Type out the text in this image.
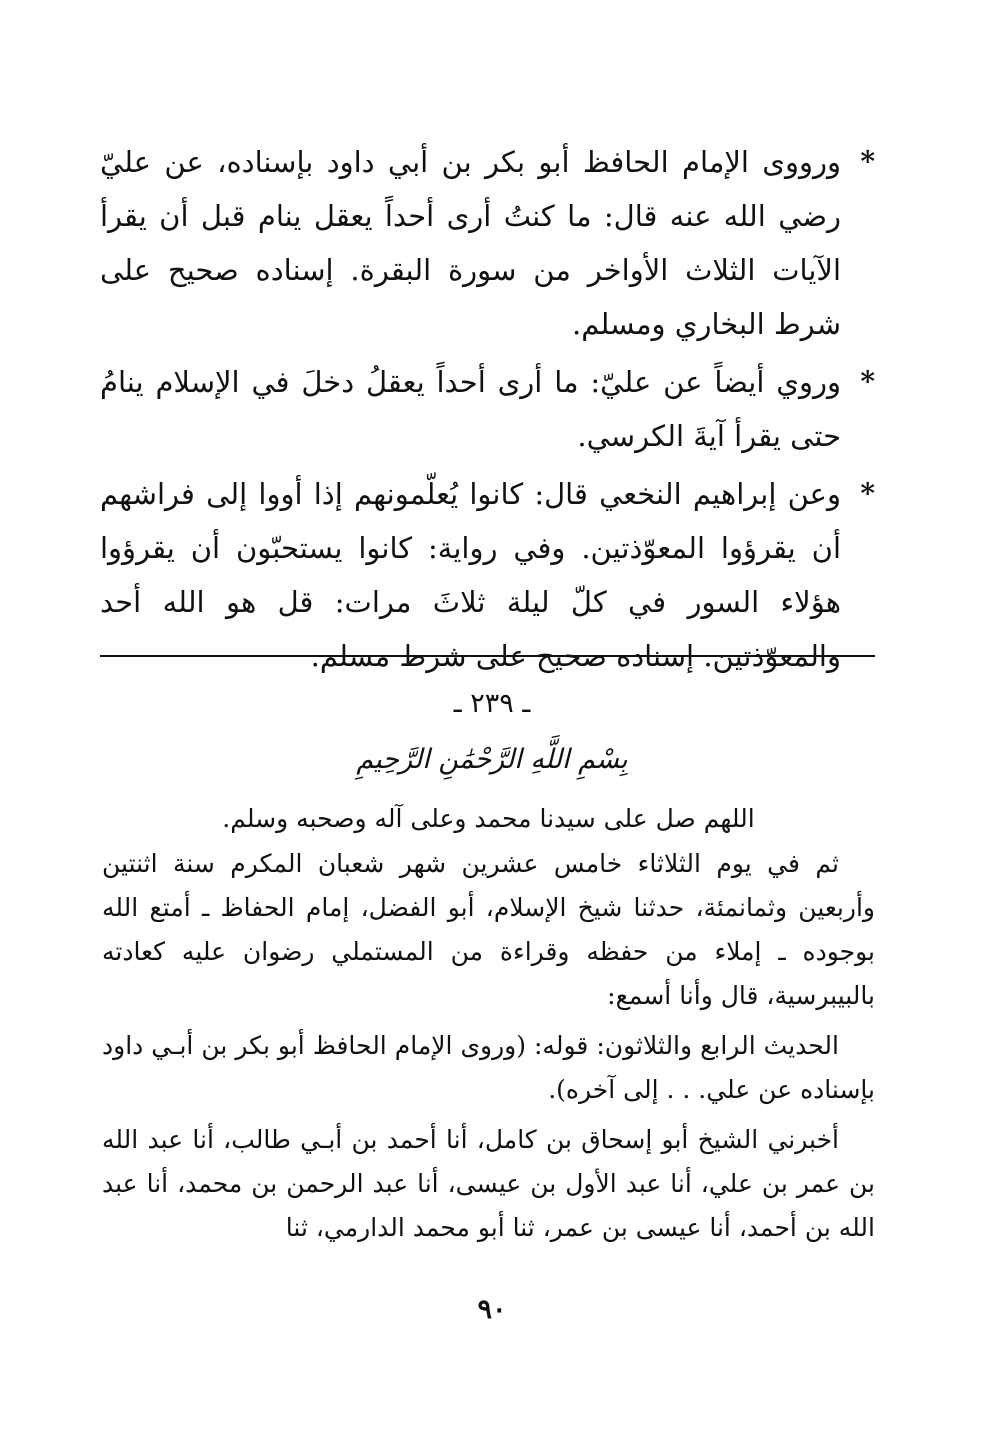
*
ورووى الإمام الحافظ أبو بكر بن أبي داود بإسناده، عن عليّ رضي الله عنه قال: ما كنتُ أرى أحداً يعقل ينام قبل أن يقرأ الآيات الثلاث الأواخر من سورة البقرة. إسناده صحيح على شرط البخاري ومسلم.

*
وروي أيضاً عن عليّ: ما أرى أحداً يعقلُ دخلَ في الإسلام ينامُ حتى يقرأ آيةَ الكرسي.

*
وعن إبراهيم النخعي قال: كانوا يُعلّمونهم إذا أووا إلى فراشهم أن يقرؤوا المعوّذتين. وفي رواية: كانوا يستحبّون أن يقرؤوا هؤلاء السور في كلّ ليلة ثلاثَ مرات: قل هو الله أحد والمعوّذتين. إسناده صحيح على شرط مسلم.

ـ ٢٣٩ ـ
بِسْمِ اللَّهِ الرَّحْمَٰنِ الرَّحِيمِ

اللهم صل على سيدنا محمد وعلى آله وصحبه وسلم.

ثم في يوم الثلاثاء خامس عشرين شهر شعبان المكرم سنة اثنتين وأربعين وثمانمئة، حدثنا شيخ الإسلام، أبو الفضل، إمام الحفاظ ـ أمتع الله بوجوده ـ إملاء من حفظه وقراءة من المستملي رضوان عليه كعادته بالبيبرسية، قال وأنا أسمع:

الحديث الرابع والثلاثون: قوله: (وروى الإمام الحافظ أبو بكر بن أبـي داود بإسناده عن علي. . . إلى آخره).

أخبرني الشيخ أبو إسحاق بن كامل، أنا أحمد بن أبـي طالب، أنا عبد الله بن عمر بن علي، أنا عبد الأول بن عيسى، أنا عبد الرحمن بن محمد، أنا عبد الله بن أحمد، أنا عيسى بن عمر، ثنا أبو محمد الدارمي، ثنا

٩٠
